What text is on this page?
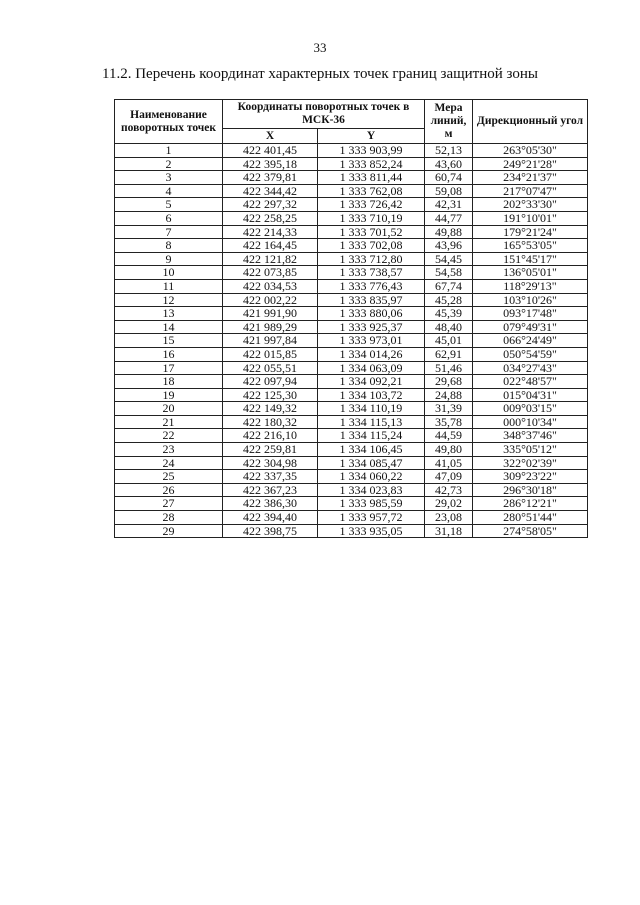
33
11.2. Перечень координат характерных точек границ защитной зоны
Наименование поворотных точек	Координаты поворотных точек в МСК-36		Мера линий, м	Дирекционный угол
	X	Y		
1	422 401,45	1 333 903,99	52,13	263°05'30"
2	422 395,18	1 333 852,24	43,60	249°21'28"
3	422 379,81	1 333 811,44	60,74	234°21'37"
4	422 344,42	1 333 762,08	59,08	217°07'47"
5	422 297,32	1 333 726,42	42,31	202°33'30"
6	422 258,25	1 333 710,19	44,77	191°10'01"
7	422 214,33	1 333 701,52	49,88	179°21'24"
8	422 164,45	1 333 702,08	43,96	165°53'05"
9	422 121,82	1 333 712,80	54,45	151°45'17"
10	422 073,85	1 333 738,57	54,58	136°05'01"
11	422 034,53	1 333 776,43	67,74	118°29'13"
12	422 002,22	1 333 835,97	45,28	103°10'26"
13	421 991,90	1 333 880,06	45,39	093°17'48"
14	421 989,29	1 333 925,37	48,40	079°49'31"
15	421 997,84	1 333 973,01	45,01	066°24'49"
16	422 015,85	1 334 014,26	62,91	050°54'59"
17	422 055,51	1 334 063,09	51,46	034°27'43"
18	422 097,94	1 334 092,21	29,68	022°48'57"
19	422 125,30	1 334 103,72	24,88	015°04'31"
20	422 149,32	1 334 110,19	31,39	009°03'15"
21	422 180,32	1 334 115,13	35,78	000°10'34"
22	422 216,10	1 334 115,24	44,59	348°37'46"
23	422 259,81	1 334 106,45	49,80	335°05'12"
24	422 304,98	1 334 085,47	41,05	322°02'39"
25	422 337,35	1 334 060,22	47,09	309°23'22"
26	422 367,23	1 334 023,83	42,73	296°30'18"
27	422 386,30	1 333 985,59	29,02	286°12'21"
28	422 394,40	1 333 957,72	23,08	280°51'44"
29	422 398,75	1 333 935,05	31,18	274°58'05"
